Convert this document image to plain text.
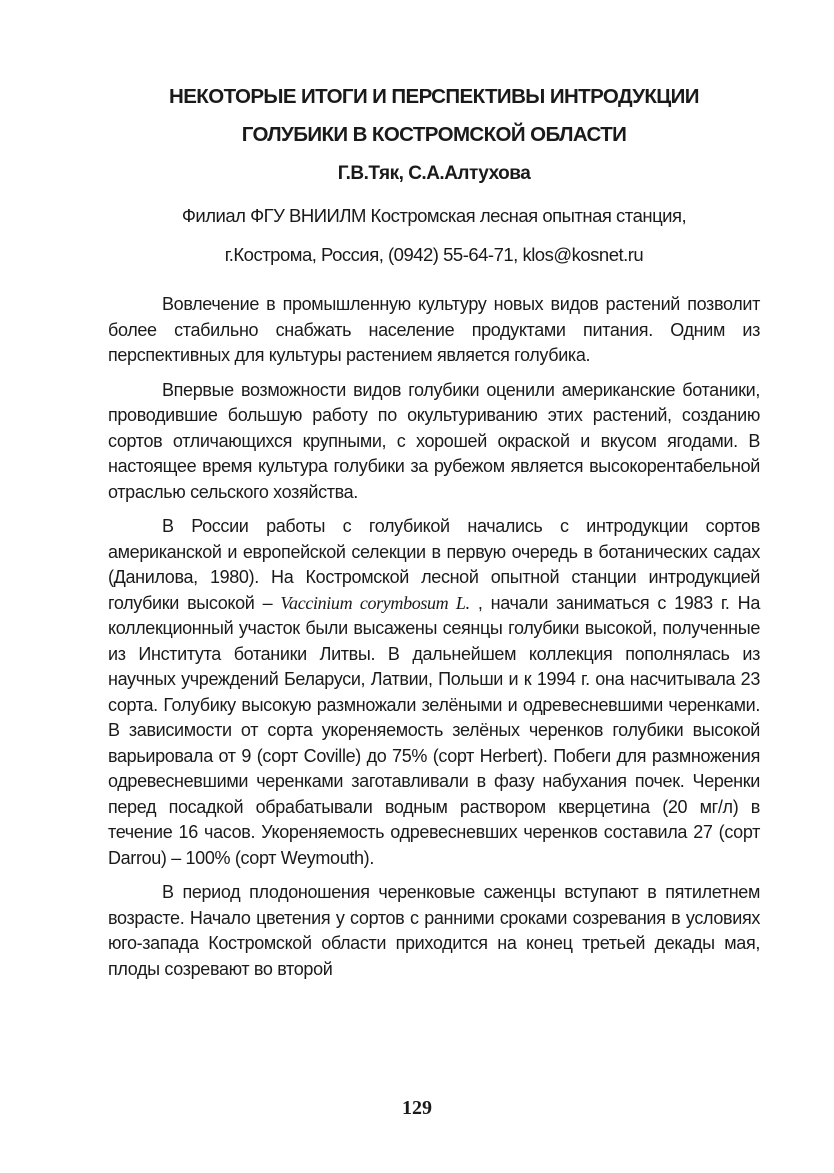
НЕКОТОРЫЕ ИТОГИ И ПЕРСПЕКТИВЫ ИНТРОДУКЦИИ

ГОЛУБИКИ В КОСТРОМСКОЙ ОБЛАСТИ

Г.В.Тяк, С.А.Алтухова

Филиал ФГУ ВНИИЛМ Костромская лесная опытная станция,

г.Кострома, Россия, (0942) 55-64-71, klos@kosnet.ru

Вовлечение в промышленную культуру новых видов растений позволит более стабильно снабжать население продуктами питания. Одним из перспективных для культуры растением является голубика.

Впервые возможности видов голубики оценили американские ботаники, проводившие большую работу по окультуриванию этих растений, созданию сортов отличающихся крупными, с хорошей окраской и вкусом ягодами. В настоящее время культура голубики за рубежом является высокорентабельной отраслью сельского хозяйства.

В России работы с голубикой начались с интродукции сортов американской и европейской селекции в первую очередь в ботанических садах (Данилова, 1980). На Костромской лесной опытной станции интродукцией голубики высокой – Vaccinium corymbosum L. , начали заниматься с 1983 г. На коллекционный участок были высажены сеянцы голубики высокой, полученные из Института ботаники Литвы. В дальнейшем коллекция пополнялась из научных учреждений Беларуси, Латвии, Польши и к 1994 г. она насчитывала 23 сорта. Голубику высокую размножали зелёными и одревесневшими черенками. В зависимости от сорта укореняемость зелёных черенков голубики высокой варьировала от 9 (сорт Coville) до 75% (сорт Herbert). Побеги для размножения одревесневшими черенками заготавливали в фазу набухания почек. Черенки перед посадкой обрабатывали водным раствором кверцетина (20 мг/л) в течение 16 часов. Укореняемость одревесневших черенков составила 27 (сорт Darrou) – 100% (сорт Weymouth).

В период плодоношения черенковые саженцы вступают в пятилетнем возрасте. Начало цветения у сортов с ранними сроками созревания в условиях юго-запада Костромской области приходится на конец третьей декады мая, плоды созревают во второй

129
